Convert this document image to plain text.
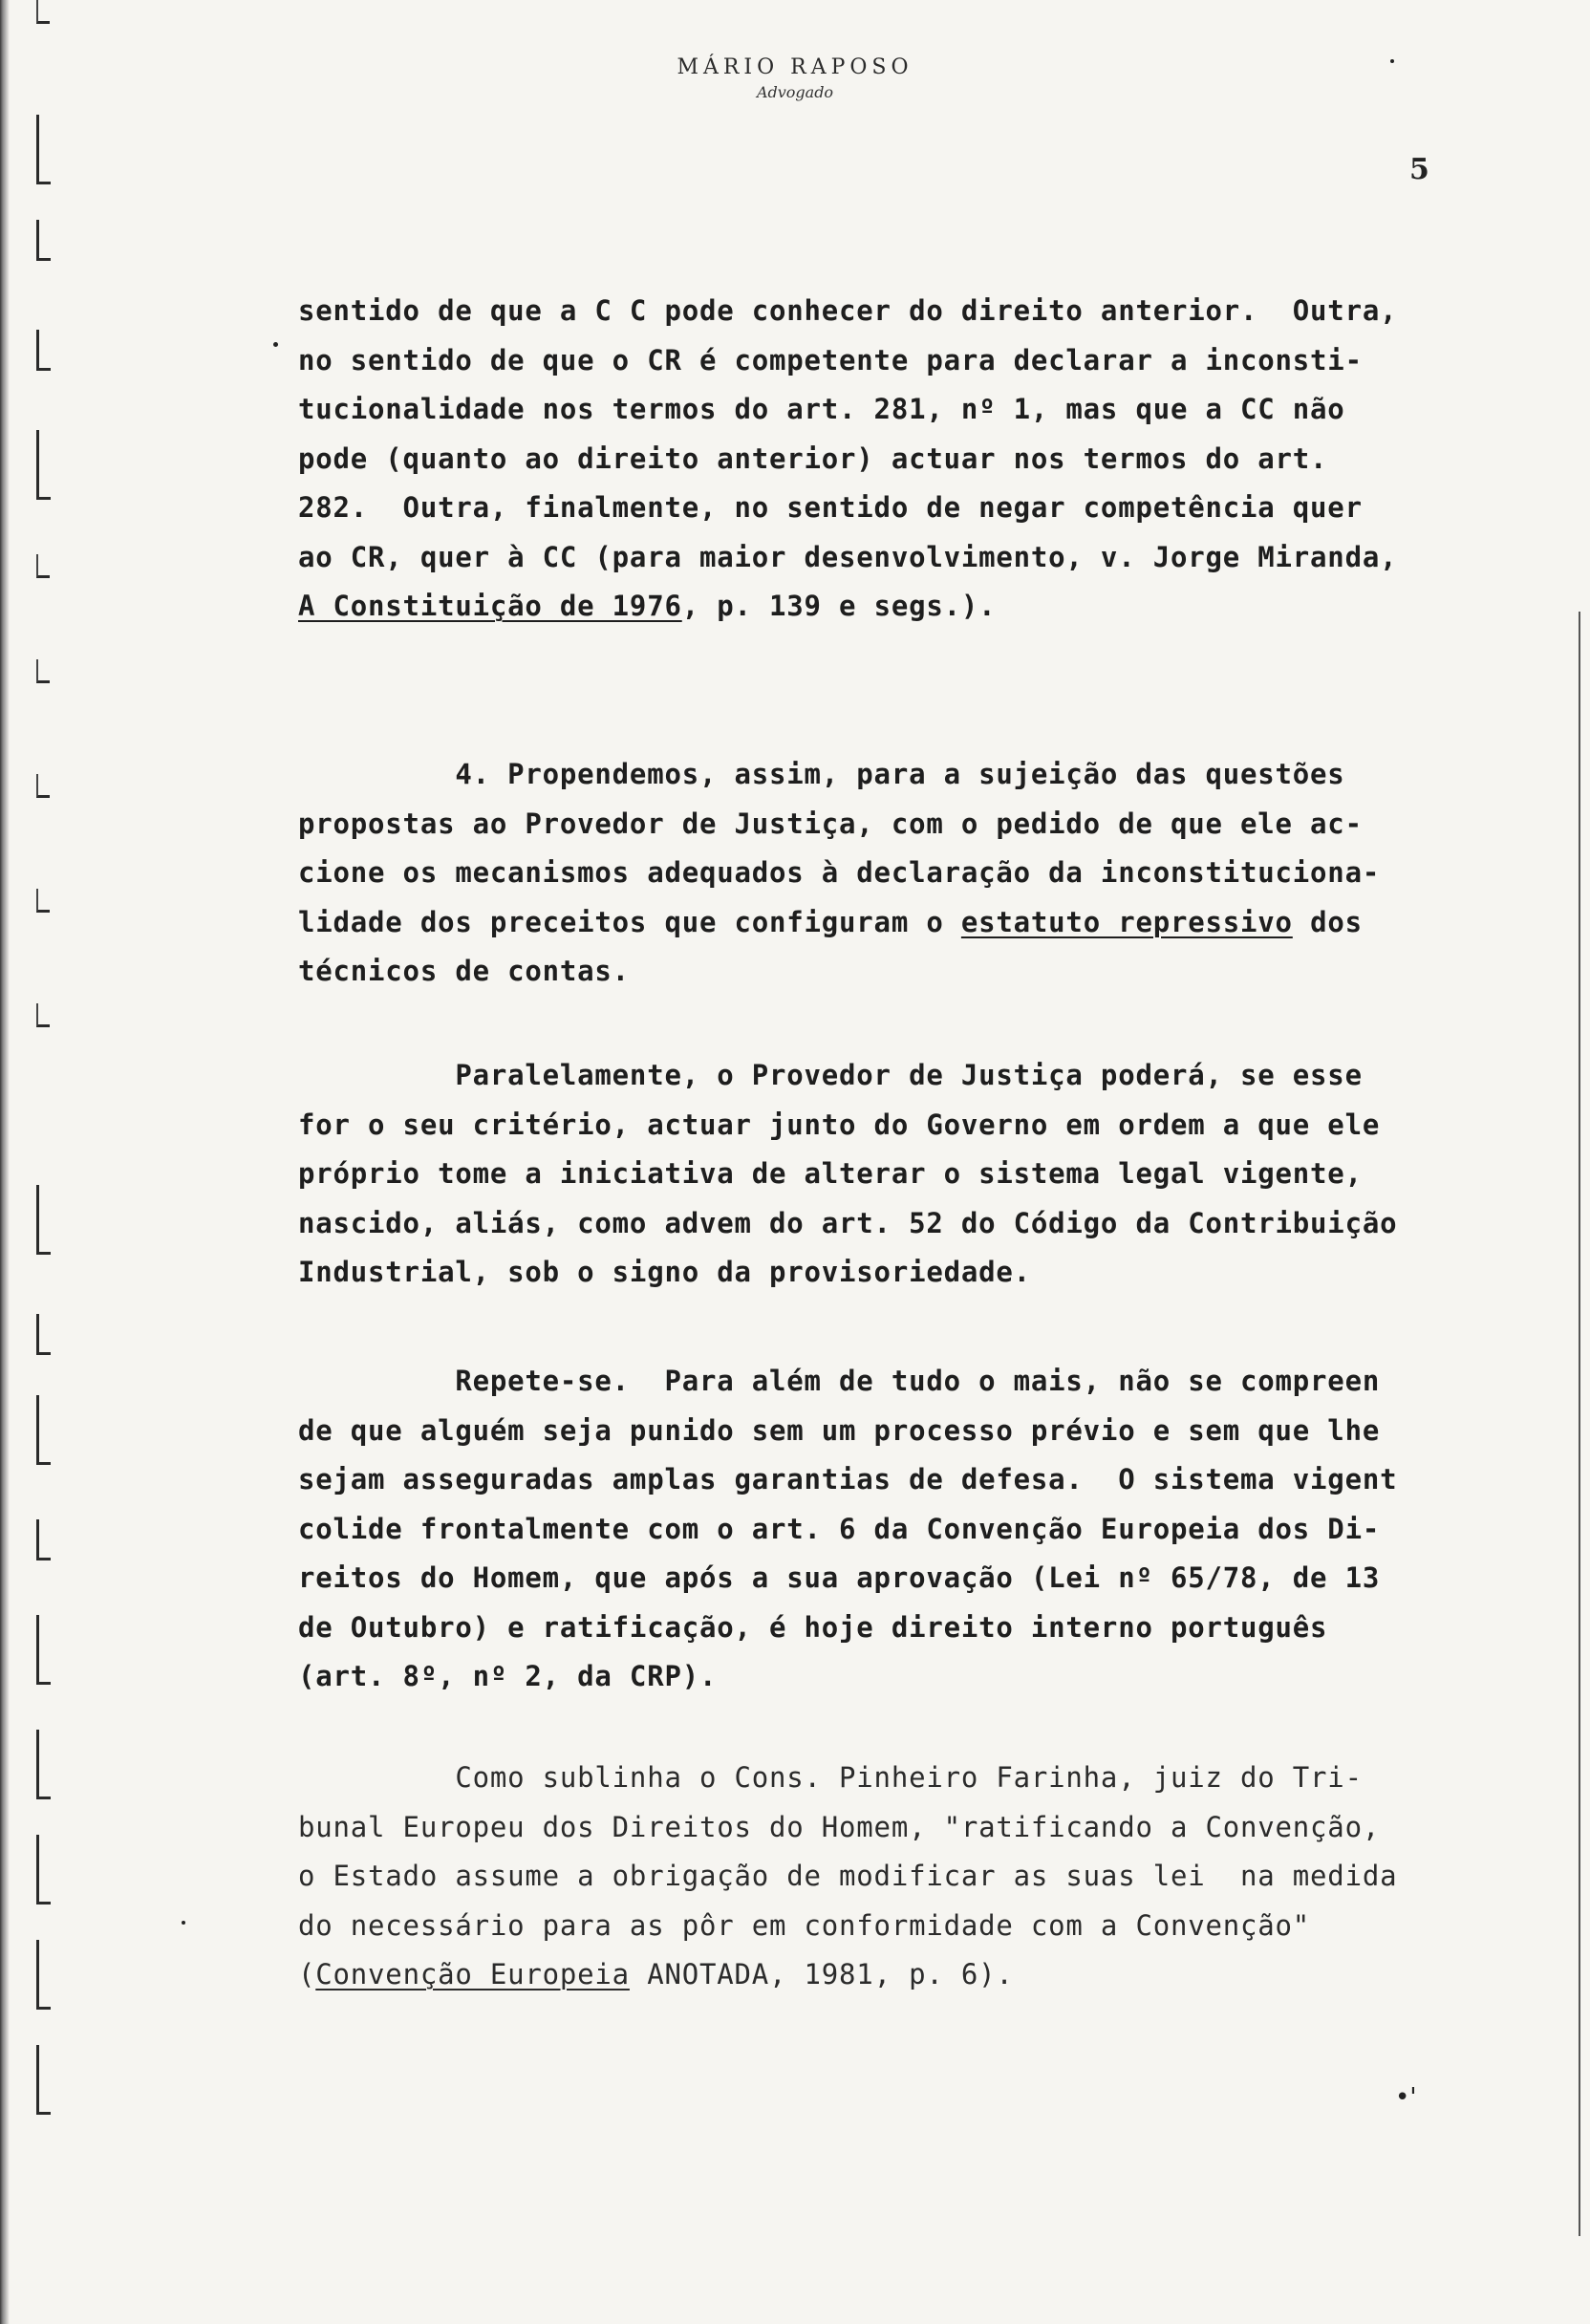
MÁRIO RAPOSO
Advogado
5
sentido de que a C C pode conhecer do direito anterior.  Outra,
no sentido de que o CR é competente para declarar a inconsti-
tucionalidade nos termos do art. 281, nº 1, mas que a CC não
pode (quanto ao direito anterior) actuar nos termos do art.
282.  Outra, finalmente, no sentido de negar competência quer
ao CR, quer à CC (para maior desenvolvimento, v. Jorge Miranda,
A Constituição de 1976, p. 139 e segs.).
4. Propendemos, assim, para a sujeição das questões
propostas ao Provedor de Justiça, com o pedido de que ele ac-
cione os mecanismos adequados à declaração da inconstituciona-
lidade dos preceitos que configuram o estatuto repressivo dos
técnicos de contas.
Paralelamente, o Provedor de Justiça poderá, se esse
for o seu critério, actuar junto do Governo em ordem a que ele
próprio tome a iniciativa de alterar o sistema legal vigente,
nascido, aliás, como advem do art. 52 do Código da Contribuição
Industrial, sob o signo da provisoriedade.
Repete-se.  Para além de tudo o mais, não se compreen
de que alguém seja punido sem um processo prévio e sem que lhe
sejam asseguradas amplas garantias de defesa.  O sistema vigent
colide frontalmente com o art. 6 da Convenção Europeia dos Di-
reitos do Homem, que após a sua aprovação (Lei nº 65/78, de 13
de Outubro) e ratificação, é hoje direito interno português
(art. 8º, nº 2, da CRP).
Como sublinha o Cons. Pinheiro Farinha, juiz do Tri-
bunal Europeu dos Direitos do Homem, "ratificando a Convenção,
o Estado assume a obrigação de modificar as suas lei  na medida
do necessário para as pôr em conformidade com a Convenção"
(Convenção Europeia ANOTADA, 1981, p. 6).
•'
